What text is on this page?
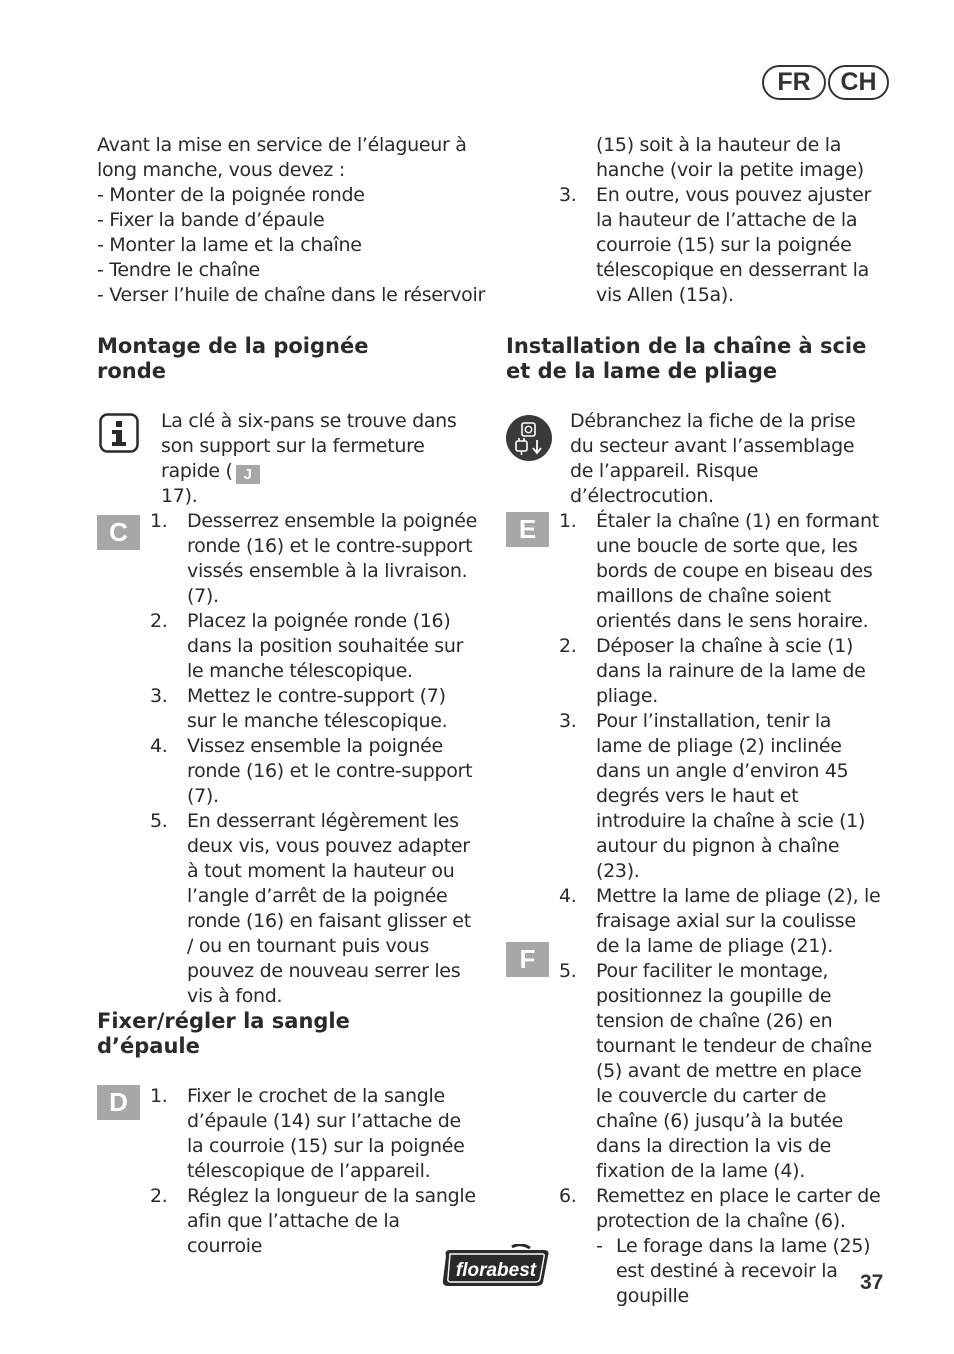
FR	CH
Avant la mise en service de l’élagueur à long manche, vous devez :
- Monter de la poignée ronde
- Fixer la bande d’épaule
- Monter la lame et la chaîne
- Tendre le chaîne
- Verser l’huile de chaîne dans le réservoir
Montage de la poignée ronde
La clé à six-pans se trouve dans son support sur la fermeture rapide ( J
17).
C	1.	Desserrez ensemble la poignée ronde (16) et le contre-support vissés ensemble à la livraison. (7).
2.	Placez la poignée ronde (16) dans la position souhaitée sur le manche télescopique.
3.	Mettez le contre-support (7) sur le manche télescopique.
4.	Vissez ensemble la poignée ronde (16) et le contre-support (7).
5.	En desserrant légèrement les deux vis, vous pouvez adapter à tout moment la hauteur ou l’angle d’arrêt de la poignée ronde (16) en faisant glisser et / ou en tournant puis vous pouvez de nouveau serrer les vis à fond.
Fixer/régler la sangle d’épaule
D	1.	Fixer le crochet de la sangle d’épaule (14) sur l’attache de la courroie (15) sur la poignée télescopique de l’appareil.
2.	Réglez la longueur de la sangle afin que l’attache de la courroie
(15) soit à la hauteur de la hanche (voir la petite image)
3.	En outre, vous pouvez ajuster la hauteur de l’attache de la courroie (15) sur la poignée télescopique en desserrant la vis Allen (15a).
Installation de la chaîne à scie et de la lame de pliage
Débranchez la fiche de la prise du secteur avant l’assemblage de l’appareil. Risque d’électrocution.
E
F
1.	Étaler la chaîne (1) en formant une boucle de sorte que, les bords de coupe en biseau des maillons de chaîne soient orientés dans le sens horaire.
2.	Déposer la chaîne à scie (1) dans la rainure de la lame de pliage.
3.	Pour l’installation, tenir la lame de pliage (2) inclinée dans un angle d’environ 45 degrés vers le haut et introduire la chaîne à scie (1) autour du pignon à chaîne (23).
4.	Mettre la lame de pliage (2), le fraisage axial sur la coulisse de la lame de pliage (21).
5.	Pour faciliter le montage, positionnez la goupille de tension de chaîne (26) en tournant le tendeur de chaîne (5) avant de mettre en place le couvercle du carter de chaîne (6) jusqu’à la butée dans la direction la vis de fixation de la lame (4).
6.	Remettez en place le carter de protection de la chaîne (6).
- Le forage dans la lame (25) est destiné à recevoir la goupille
florabest
37
